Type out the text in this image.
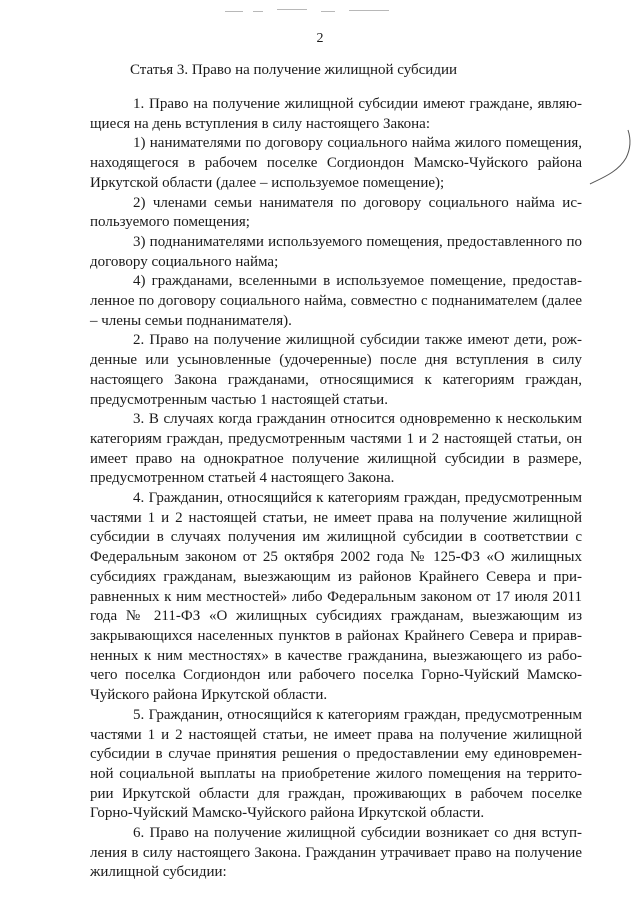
2
Статья 3. Право на получение жилищной субсидии

1. Право на получение жилищной субсидии имеют граждане, являющиеся на день вступления в силу настоящего Закона:

1) нанимателями по договору социального найма жилого помещения, находящегося в рабочем поселке Согдиондон Мамско-Чуйского района Иркутской области (далее – используемое помещение);

2) членами семьи нанимателя по договору социального найма используемого помещения;

3) поднанимателями используемого помещения, предоставленного по договору социального найма;

4) гражданами, вселенными в используемое помещение, предоставленное по договору социального найма, совместно с поднанимателем (далее – члены семьи поднанимателя).

2. Право на получение жилищной субсидии также имеют дети, рожденные или усыновленные (удочеренные) после дня вступления в силу настоящего Закона гражданами, относящимися к категориям граждан, предусмотренным частью 1 настоящей статьи.

3. В случаях когда гражданин относится одновременно к нескольким категориям граждан, предусмотренным частями 1 и 2 настоящей статьи, он имеет право на однократное получение жилищной субсидии в размере, предусмотренном статьей 4 настоящего Закона.

4. Гражданин, относящийся к категориям граждан, предусмотренным частями 1 и 2 настоящей статьи, не имеет права на получение жилищной субсидии в случаях получения им жилищной субсидии в соответствии с Федеральным законом от 25 октября 2002 года № 125-ФЗ «О жилищных субсидиях гражданам, выезжающим из районов Крайнего Севера и приравненных к ним местностей» либо Федеральным законом от 17 июля 2011 года № 211-ФЗ «О жилищных субсидиях гражданам, выезжающим из закрывающихся населенных пунктов в районах Крайнего Севера и приравненных к ним местностях» в качестве гражданина, выезжающего из рабочего поселка Согдиондон или рабочего поселка Горно-Чуйский Мамско-Чуйского района Иркутской области.

5. Гражданин, относящийся к категориям граждан, предусмотренным частями 1 и 2 настоящей статьи, не имеет права на получение жилищной субсидии в случае принятия решения о предоставлении ему единовременной социальной выплаты на приобретение жилого помещения на территории Иркутской области для граждан, проживающих в рабочем поселке Горно-Чуйский Мамско-Чуйского района Иркутской области.

6. Право на получение жилищной субсидии возникает со дня вступления в силу настоящего Закона. Гражданин утрачивает право на получение жилищной субсидии:
